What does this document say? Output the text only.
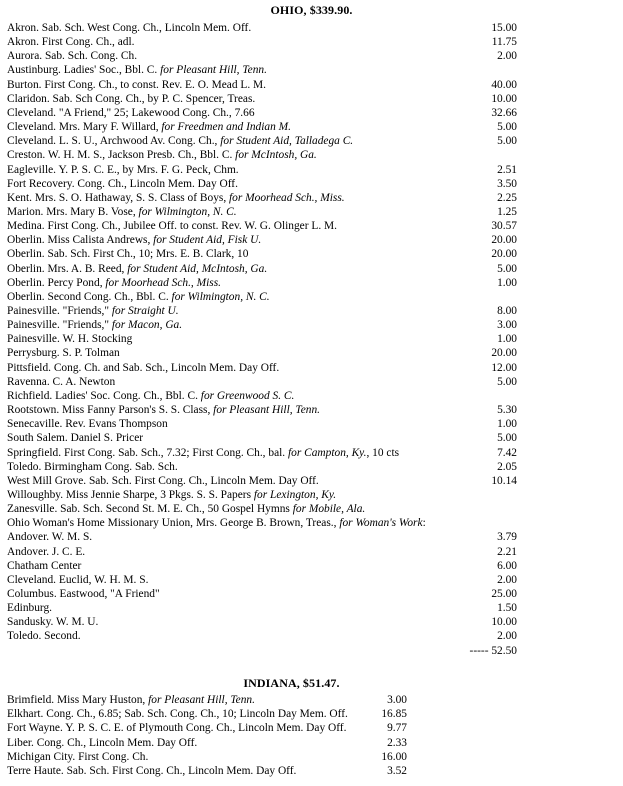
OHIO, $339.90.
Akron. Sab. Sch. West Cong. Ch., Lincoln Mem. Off.	15.00
Akron. First Cong. Ch., adl.	11.75
Aurora. Sab. Sch. Cong. Ch.	2.00
Austinburg. Ladies' Soc., Bbl. C. for Pleasant Hill, Tenn.
Burton. First Cong. Ch., to const. Rev. E. O. Mead L. M.	40.00
Claridon. Sab. Sch Cong. Ch., by P. C. Spencer, Treas.	10.00
Cleveland. "A Friend," 25; Lakewood Cong. Ch., 7.66	32.66
Cleveland. Mrs. Mary F. Willard, for Freedmen and Indian M.	5.00
Cleveland. L. S. U., Archwood Av. Cong. Ch., for Student Aid, Talladega C.	5.00
Creston. W. H. M. S., Jackson Presb. Ch., Bbl. C. for McIntosh, Ga.
Eagleville. Y. P. S. C. E., by Mrs. F. G. Peck, Chm.	2.51
Fort Recovery. Cong. Ch., Lincoln Mem. Day Off.	3.50
Kent. Mrs. S. O. Hathaway, S. S. Class of Boys, for Moorhead Sch., Miss.	2.25
Marion. Mrs. Mary B. Vose, for Wilmington, N. C.	1.25
Medina. First Cong. Ch., Jubilee Off. to const. Rev. W. G. Olinger L. M.	30.57
Oberlin. Miss Calista Andrews, for Student Aid, Fisk U.	20.00
Oberlin. Sab. Sch. First Ch., 10; Mrs. E. B. Clark, 10	20.00
Oberlin. Mrs. A. B. Reed, for Student Aid, McIntosh, Ga.	5.00
Oberlin. Percy Pond, for Moorhead Sch., Miss.	1.00
Oberlin. Second Cong. Ch., Bbl. C. for Wilmington, N. C.
Painesville. "Friends," for Straight U.	8.00
Painesville. "Friends," for Macon, Ga.	3.00
Painesville. W. H. Stocking	1.00
Perrysburg. S. P. Tolman	20.00
Pittsfield. Cong. Ch. and Sab. Sch., Lincoln Mem. Day Off.	12.00
Ravenna. C. A. Newton	5.00
Richfield. Ladies' Soc. Cong. Ch., Bbl. C. for Greenwood S. C.
Rootstown. Miss Fanny Parson's S. S. Class, for Pleasant Hill, Tenn.	5.30
Senecaville. Rev. Evans Thompson	1.00
South Salem. Daniel S. Pricer	5.00
Springfield. First Cong. Sab. Sch., 7.32; First Cong. Ch., bal. for Campton, Ky., 10 cts	7.42
Toledo. Birmingham Cong. Sab. Sch.	2.05
West Mill Grove. Sab. Sch. First Cong. Ch., Lincoln Mem. Day Off.	10.14
Willoughby. Miss Jennie Sharpe, 3 Pkgs. S. S. Papers for Lexington, Ky.
Zanesville. Sab. Sch. Second St. M. E. Ch., 50 Gospel Hymns for Mobile, Ala.
Ohio Woman's Home Missionary Union, Mrs. George B. Brown, Treas., for Woman's Work:
Andover. W. M. S.	3.79
Andover. J. C. E.	2.21
Chatham Center	6.00
Cleveland. Euclid, W. H. M. S.	2.00
Columbus. Eastwood, "A Friend"	25.00
Edinburg.	1.50
Sandusky. W. M. U.	10.00
Toledo. Second.	2.00
----- 52.50
INDIANA, $51.47.
Brimfield. Miss Mary Huston, for Pleasant Hill, Tenn.	3.00
Elkhart. Cong. Ch., 6.85; Sab. Sch. Cong. Ch., 10; Lincoln Day Mem. Off.	16.85
Fort Wayne. Y. P. S. C. E. of Plymouth Cong. Ch., Lincoln Mem. Day Off.	9.77
Liber. Cong. Ch., Lincoln Mem. Day Off.	2.33
Michigan City. First Cong. Ch.	16.00
Terre Haute. Sab. Sch. First Cong. Ch., Lincoln Mem. Day Off.	3.52
